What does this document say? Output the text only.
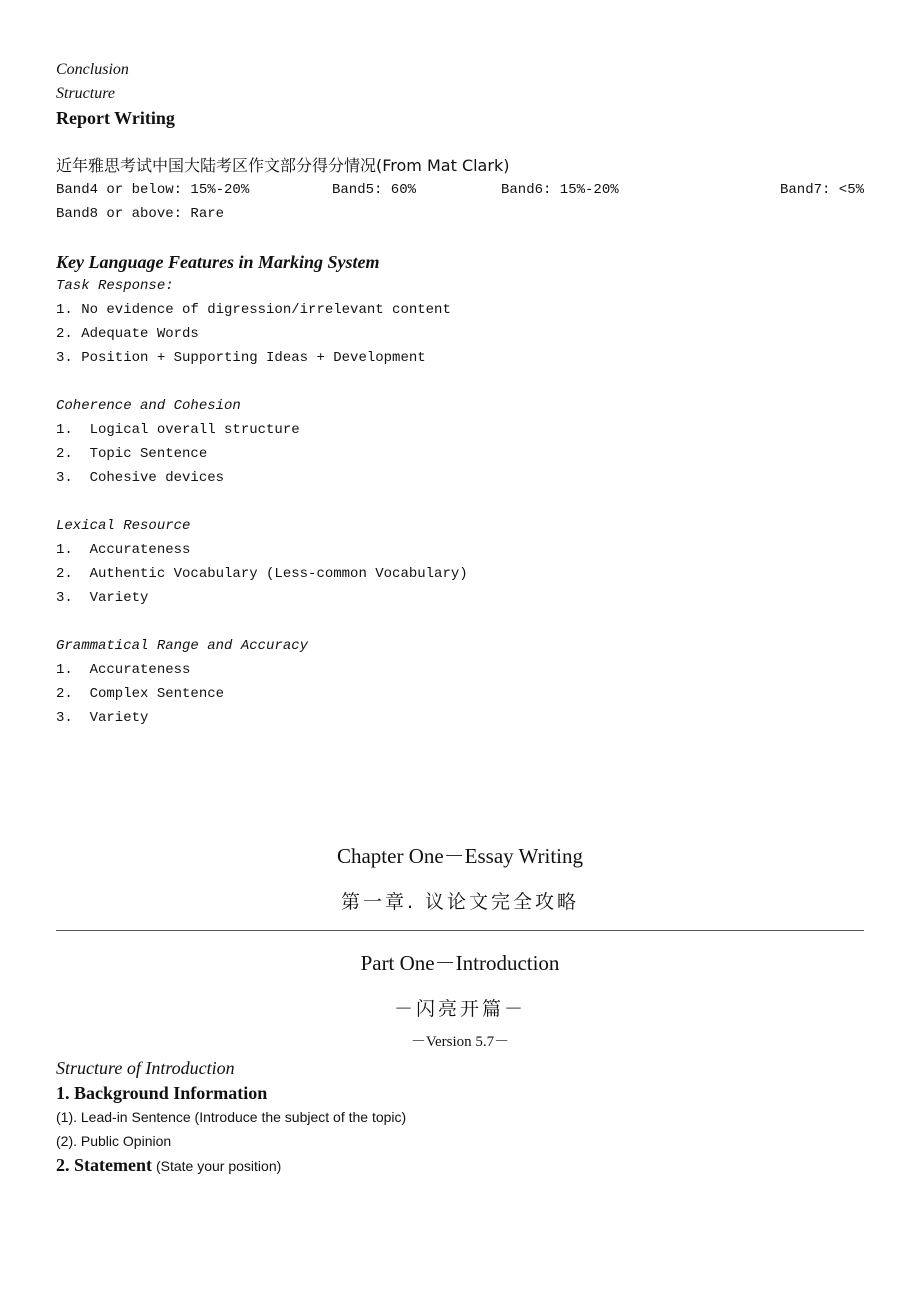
Conclusion
Structure
Report Writing
近年雅思考试中国大陆考区作文部分得分情况(From Mat Clark)
Band4 or below: 15%-20%	Band5: 60%	Band6: 15%-20%	Band7: <5%
Band8 or above: Rare
Key Language Features in Marking System
Task Response:
1. No evidence of digression/irrelevant content
2. Adequate Words
3. Position + Supporting Ideas + Development
Coherence and Cohesion
1.  Logical overall structure
2.  Topic Sentence
3.  Cohesive devices
Lexical Resource
1.  Accurateness
2.  Authentic Vocabulary (Less-common Vocabulary)
3.  Variety
Grammatical Range and Accuracy
1.  Accurateness
2.  Complex Sentence
3.  Variety
Chapter One－Essay Writing
第一章. 议论文完全攻略
Part One－Introduction
－闪亮开篇－
－Version 5.7－
Structure of Introduction
1. Background Information
(1). Lead-in Sentence (Introduce the subject of the topic)
(2). Public Opinion
2. Statement (State your position)
